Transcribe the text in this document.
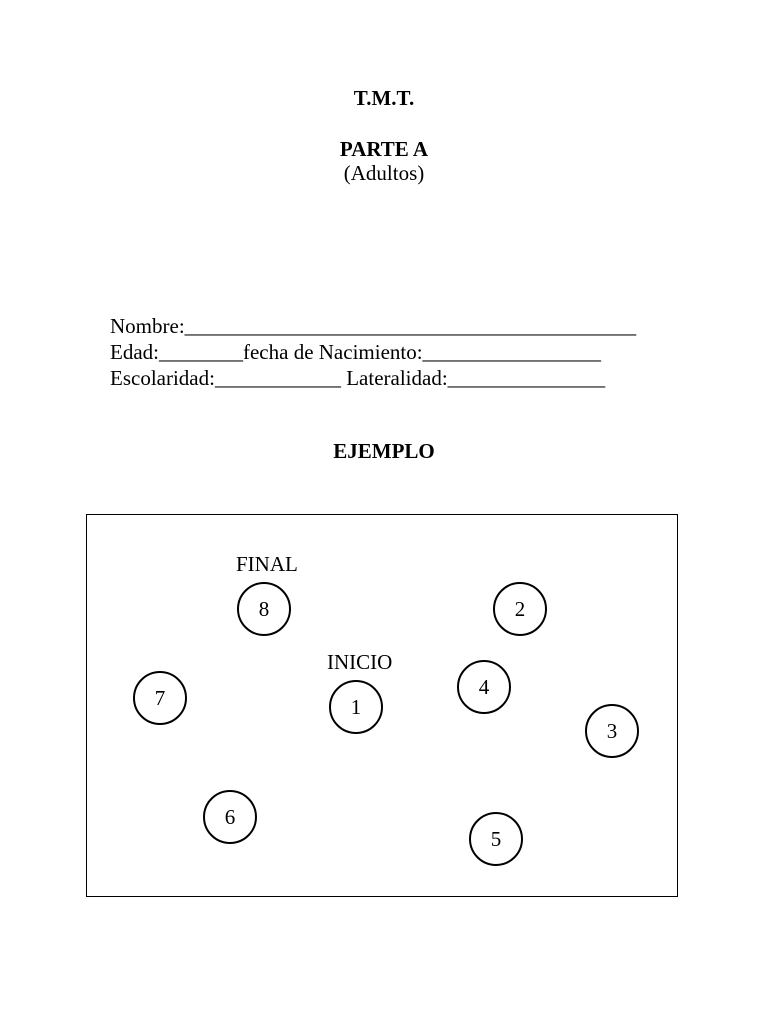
T.M.T.
PARTE A
(Adultos)
Nombre:___________________________________________
Edad:________fecha de Nacimiento:_________________
Escolaridad:____________ Lateralidad:_______________
EJEMPLO
FINAL
INICIO
8	2
4
7	1
3
6
5
